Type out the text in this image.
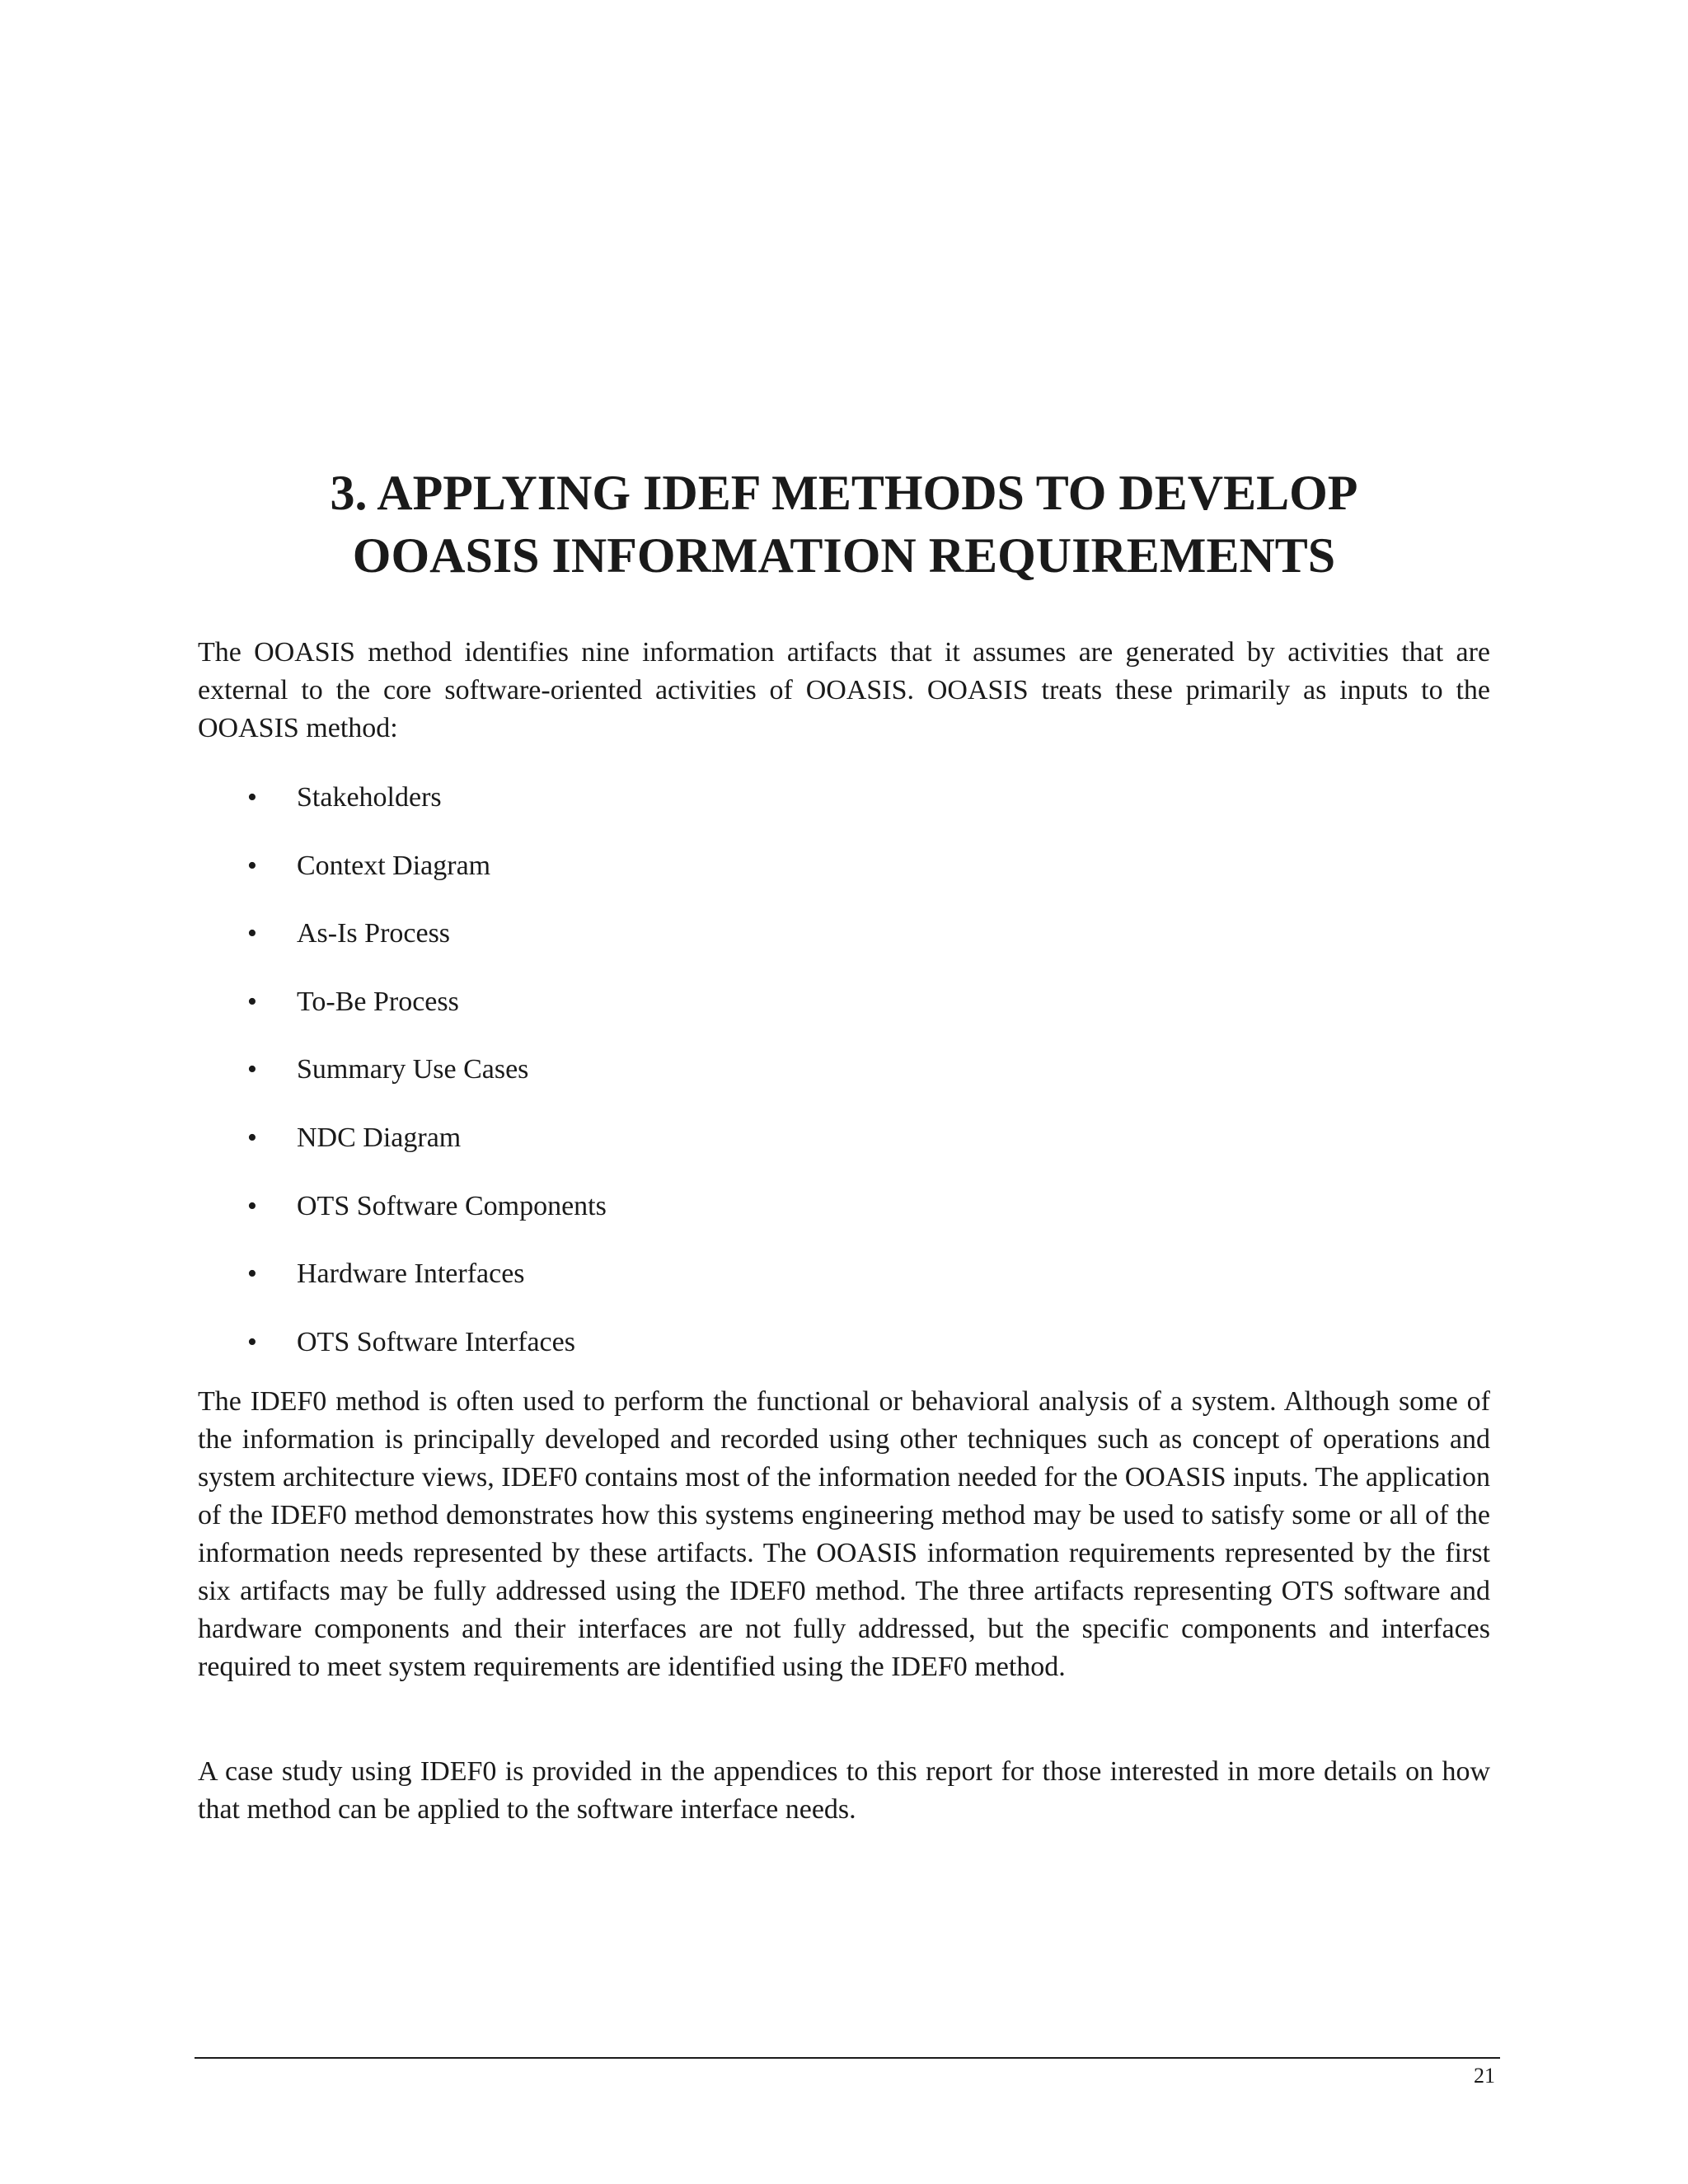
3. APPLYING IDEF METHODS TO DEVELOP
OOASIS INFORMATION REQUIREMENTS

The OOASIS method identifies nine information artifacts that it assumes are generated by activities that are external to the core software-oriented activities of OOASIS. OOASIS treats these primarily as inputs to the OOASIS method:

• Stakeholders
• Context Diagram
• As-Is Process
• To-Be Process
• Summary Use Cases
• NDC Diagram
• OTS Software Components
• Hardware Interfaces
• OTS Software Interfaces

The IDEF0 method is often used to perform the functional or behavioral analysis of a system. Although some of the information is principally developed and recorded using other techniques such as concept of operations and system architecture views, IDEF0 contains most of the information needed for the OOASIS inputs. The application of the IDEF0 method demonstrates how this systems engineering method may be used to satisfy some or all of the information needs represented by these artifacts. The OOASIS information requirements represented by the first six artifacts may be fully addressed using the IDEF0 method. The three artifacts representing OTS software and hardware components and their interfaces are not fully addressed, but the specific components and interfaces required to meet system requirements are identified using the IDEF0 method.

A case study using IDEF0 is provided in the appendices to this report for those interested in more details on how that method can be applied to the software interface needs.

21
